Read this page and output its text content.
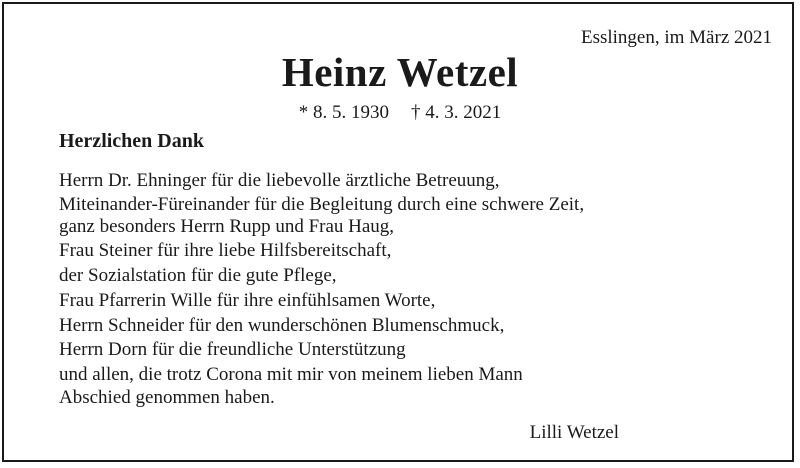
Esslingen, im März 2021
Heinz Wetzel
* 8. 5. 1930 † 4. 3. 2021
Herzlichen Dank
Herrn Dr. Ehninger für die liebevolle ärztliche Betreuung,
Miteinander-Füreinander für die Begleitung durch eine schwere Zeit,
ganz besonders Herrn Rupp und Frau Haug,
Frau Steiner für ihre liebe Hilfsbereitschaft,
der Sozialstation für die gute Pflege,
Frau Pfarrerin Wille für ihre einfühlsamen Worte,
Herrn Schneider für den wunderschönen Blumenschmuck,
Herrn Dorn für die freundliche Unterstützung
und allen, die trotz Corona mit mir von meinem lieben Mann
Abschied genommen haben.
Lilli Wetzel
